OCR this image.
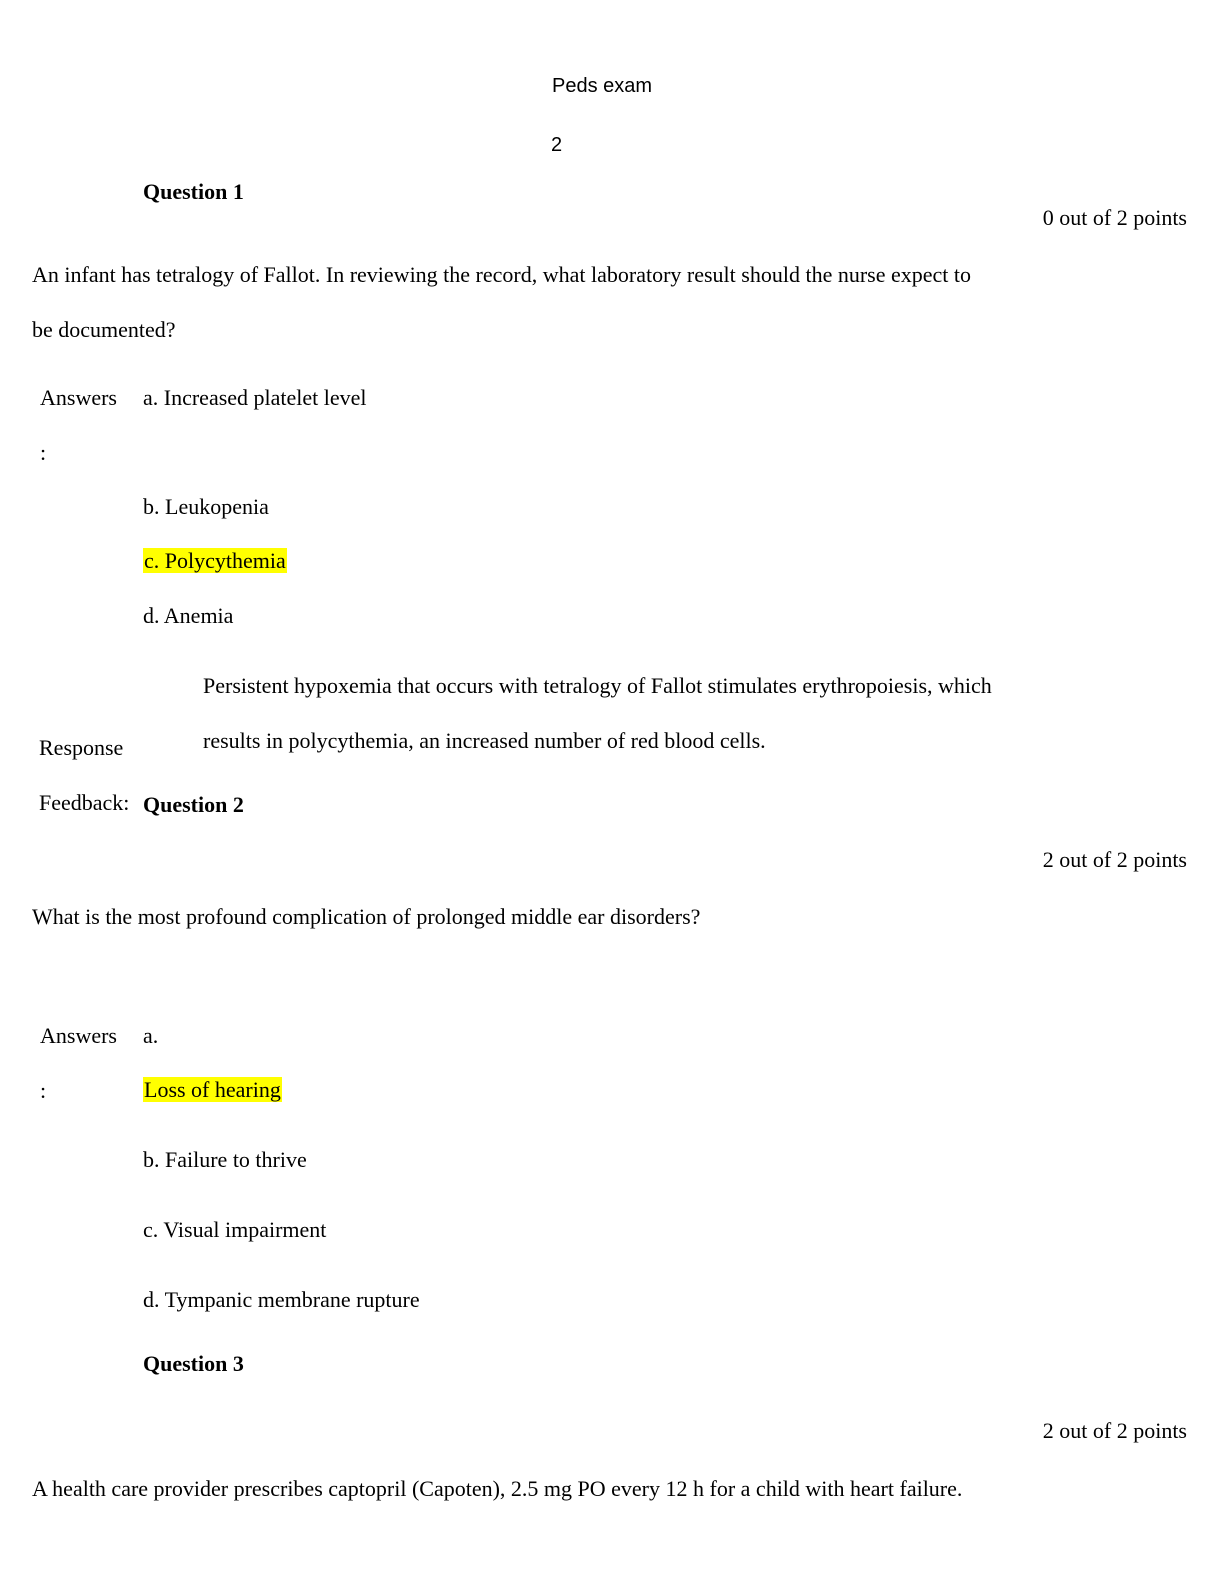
Peds exam
2
Question 1
0 out of 2 points
An infant has tetralogy of Fallot. In reviewing the record, what laboratory result should the nurse expect to
be documented?
Answers
:
a. Increased platelet level
b. Leukopenia
c. Polycythemia
d. Anemia
Persistent hypoxemia that occurs with tetralogy of Fallot stimulates erythropoiesis, which
results in polycythemia, an increased number of red blood cells.
Response
Feedback: Question 2
2 out of 2 points
What is the most profound complication of prolonged middle ear disorders?
Answers
:
a.
Loss of hearing
b. Failure to thrive
c. Visual impairment
d. Tympanic membrane rupture
Question 3
2 out of 2 points
A health care provider prescribes captopril (Capoten), 2.5 mg PO every 12 h for a child with heart failure.
